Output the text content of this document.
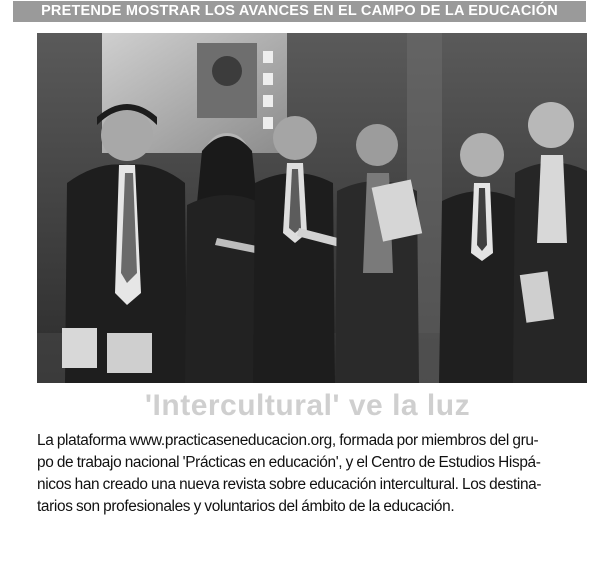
PRETENDE MOSTRAR LOS AVANCES EN EL CAMPO DE LA EDUCACIÓN
'Intercultural' ve la luz
La plataforma www.practicaseneducacion.org, formada por miembros del gru-
po de trabajo nacional 'Prácticas en educación', y el Centro de Estudios Hispá-
nicos han creado una nueva revista sobre educación intercultural. Los destina-
tarios son profesionales y voluntarios del ámbito de la educación.
